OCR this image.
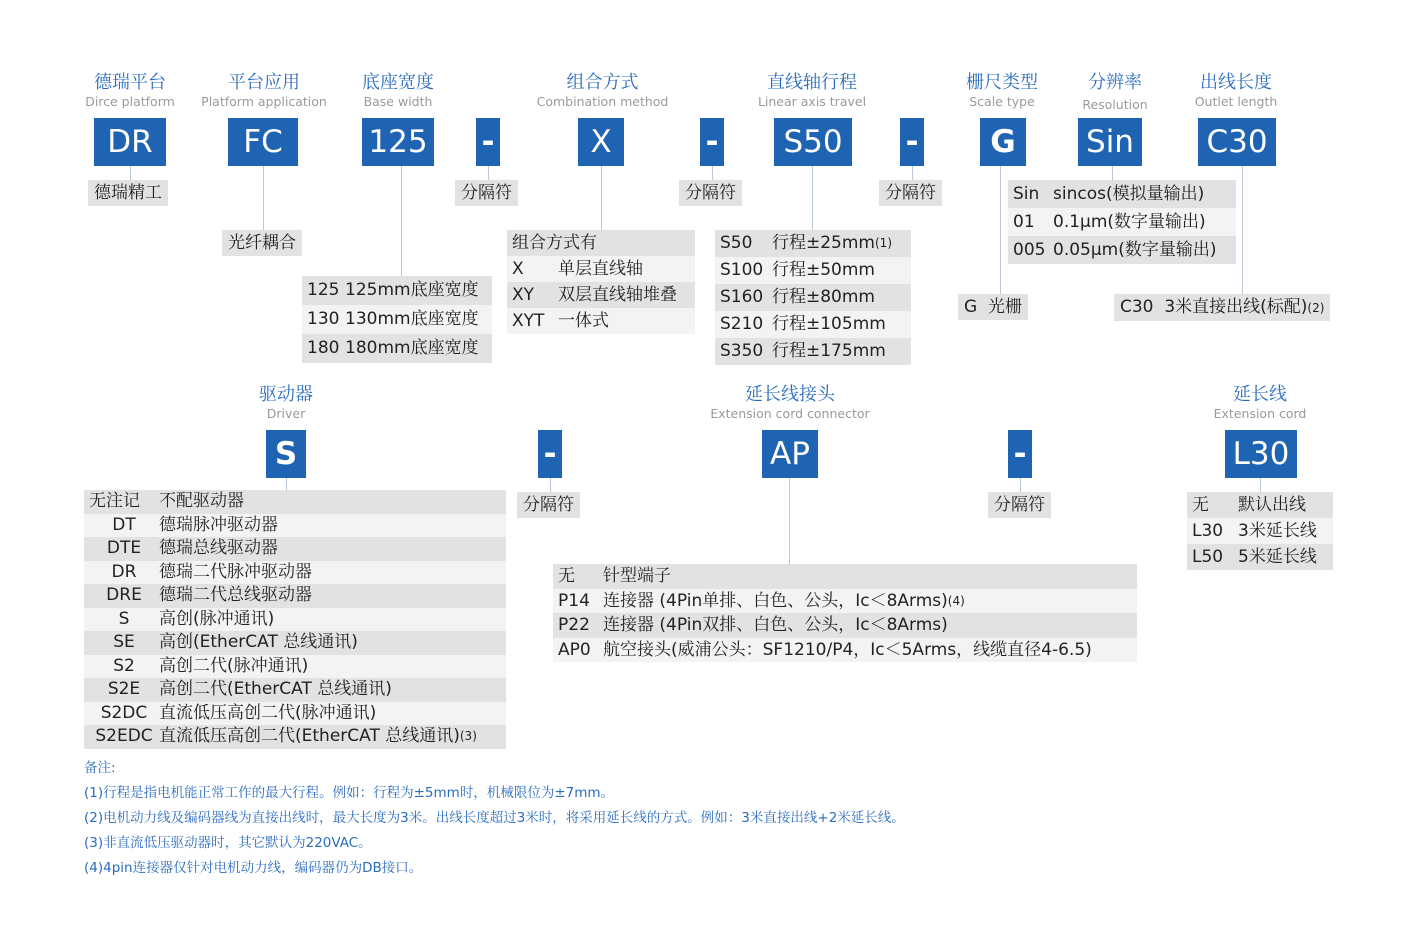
德瑞平台
Dirce platform
DR
德瑞精工
平台应用
Platform application
FC
光纤耦合
底座宽度
Base width
125
125 125mm底座宽度
130 130mm底座宽度
180 180mm底座宽度
-
分隔符
组合方式
Combination method
X
组合方式有
X	单层直线轴
XY	双层直线轴堆叠
XYT 一体式
-
分隔符
直线轴行程
Linear axis travel
S50
S50	行程±25mm (1)
S100 行程±50mm
S160 行程±80mm
S210 行程±105mm
S350 行程±175mm
-
分隔符
栅尺类型
Scale type
G
G 光栅
分辨率
Resolution
Sin
Sin sincos(模拟量输出)
01	0.1μm(数字量输出)
005 0.05μm(数字量输出)
出线长度
Outlet length
C30
C30 3米直接出线(标配)(2)
驱动器
Driver
S
无注记	不配驱动器
DT	德瑞脉冲驱动器
DTE	德瑞总线驱动器
DR	德瑞二代脉冲驱动器
DRE	德瑞二代总线驱动器
S	高创(脉冲通讯)
SE	高创(EtherCAT 总线通讯)
S2	高创二代(脉冲通讯)
S2E	高创二代(EtherCAT 总线通讯)
S2DC 直流低压高创二代(脉冲通讯)
S2EDC 直流低压高创二代(EtherCAT 总线通讯) (3)
-
分隔符
延长线接头
Extension cord connector
AP
无	针型端子
P14 连接器 (4Pin单排、白色、公头，Ic＜8Arms) (4)
P22 连接器 (4Pin双排、白色、公头，Ic＜8Arms)
AP0 航空接头(威浦公头：SF1210/P4，Ic＜5Arms，线缆直径4-6.5)
-
分隔符
延长线
Extension cord
L30
无	默认出线
L30 3米延长线
L50 5米延长线
备注:
(1)行程是指电机能正常工作的最大行程。例如：行程为±5mm时，机械限位为±7mm。
(2)电机动力线及编码器线为直接出线时，最大长度为3米。出线长度超过3米时，将采用延长线的方式。例如：3米直接出线+2米延长线。
(3)非直流低压驱动器时，其它默认为220VAC。
(4)4pin连接器仅针对电机动力线，编码器仍为DB接口。
